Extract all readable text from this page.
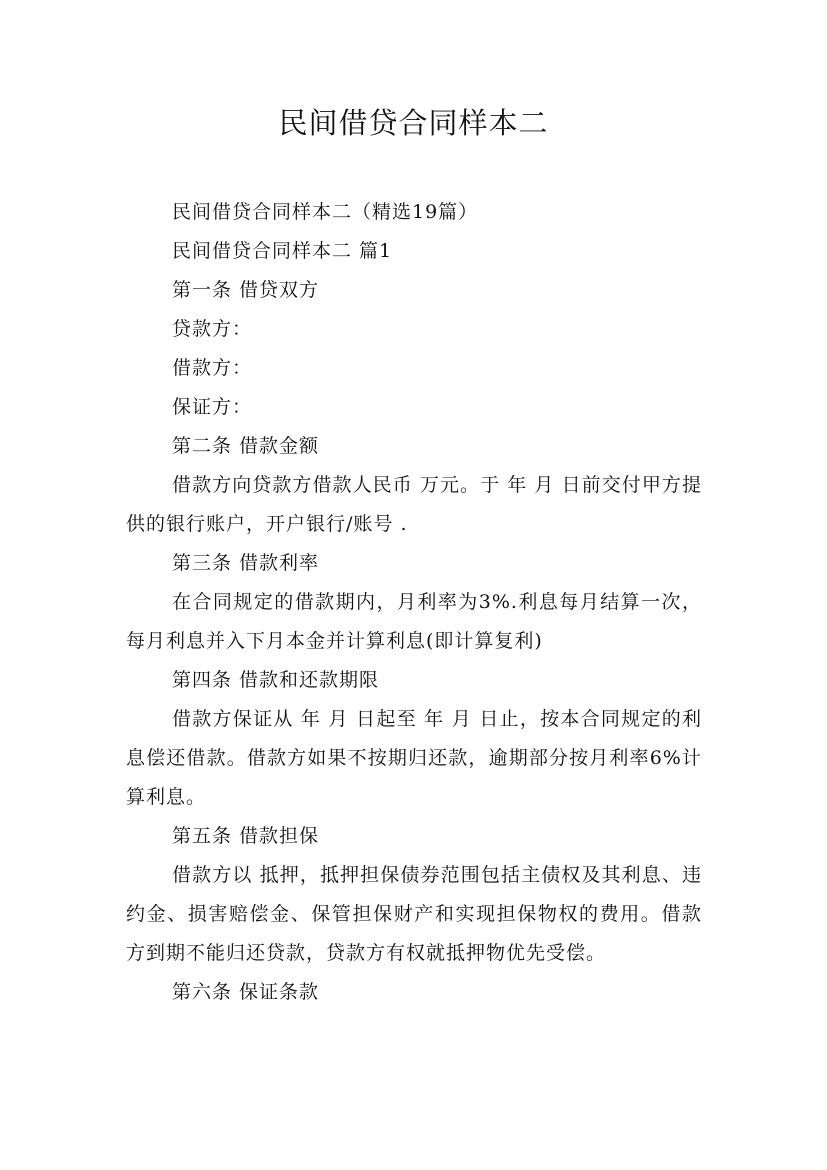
民间借贷合同样本二

民间借贷合同样本二（精选19篇）

民间借贷合同样本二 篇1

第一条 借贷双方

贷款方：

借款方：

保证方：

第二条 借款金额

借款方向贷款方借款人民币 万元。于 年 月 日前交付甲方提供的银行账户，开户银行/账号 .

第三条 借款利率

在合同规定的借款期内，月利率为3%.利息每月结算一次，每月利息并入下月本金并计算利息(即计算复利)

第四条 借款和还款期限

借款方保证从 年 月 日起至 年 月 日止，按本合同规定的利息偿还借款。借款方如果不按期归还款，逾期部分按月利率6%计算利息。

第五条 借款担保

借款方以 抵押，抵押担保债券范围包括主债权及其利息、违约金、损害赔偿金、保管担保财产和实现担保物权的费用。借款方到期不能归还贷款，贷款方有权就抵押物优先受偿。

第六条 保证条款
